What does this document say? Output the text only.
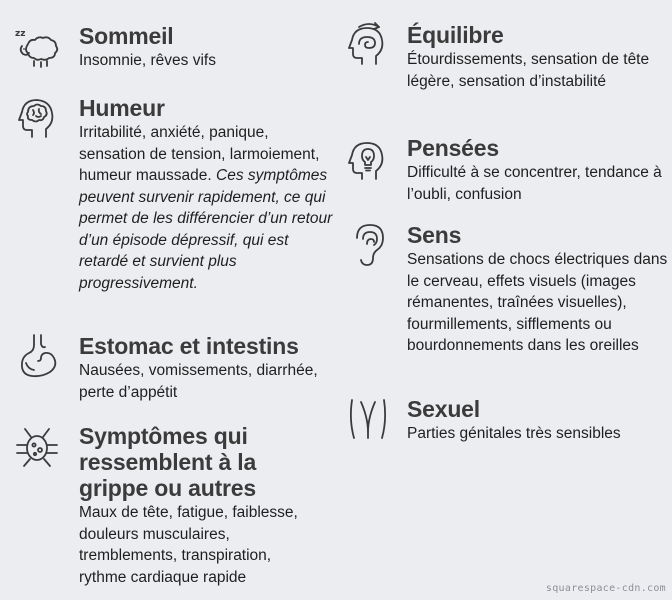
zz Sommeil

Insomnie, rêves vifs

Humeur

Irritabilité, anxiété, panique, sensation de tension, larmoiement, humeur maussade. Ces symptômes peuvent survenir rapidement, ce qui permet de les différencier d’un retour d’un épisode dépressif, qui est retardé et survient plus progressivement.

Estomac et intestins

Nausées, vomissements, diarrhée, perte d’appétit

Symptômes qui ressemblent à la grippe ou autres

Maux de tête, fatigue, faiblesse, douleurs musculaires, tremblements, transpiration, rythme cardiaque rapide

Équilibre

Étourdissements, sensation de tête légère, sensation d’instabilité

Pensées

Difficulté à se concentrer, tendance à l’oubli, confusion

Sens

Sensations de chocs électriques dans le cerveau, effets visuels (images rémanentes, traînées visuelles), fourmillements, sifflements ou bourdonnements dans les oreilles

Sexuel

Parties génitales très sensibles

squarespace-cdn.com
